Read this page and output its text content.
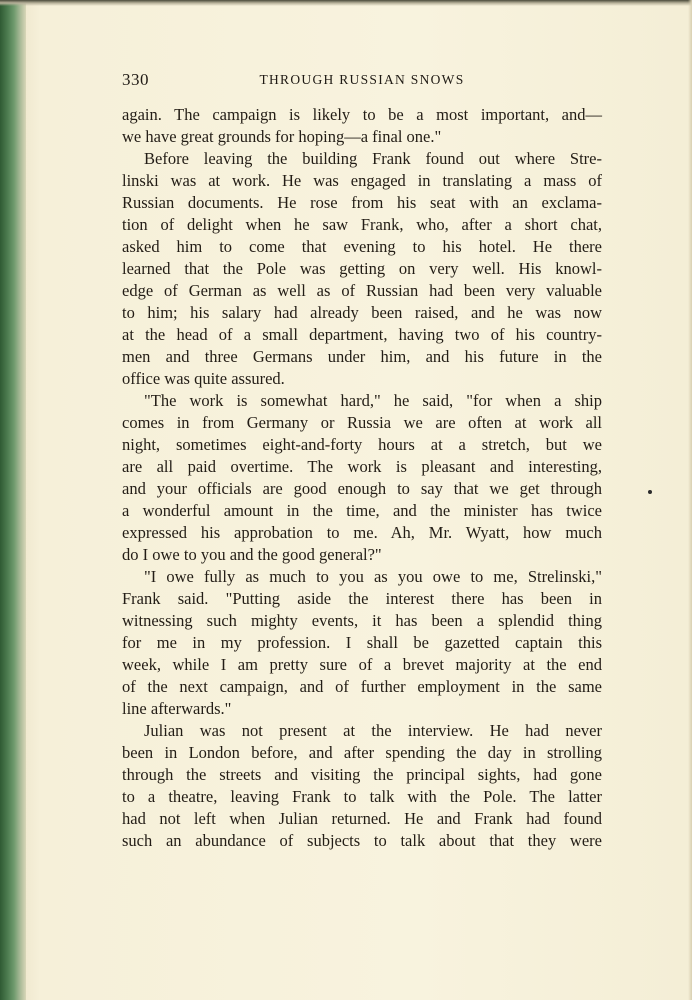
330	THROUGH RUSSIAN SNOWS
again. The campaign is likely to be a most important, and—
we have great grounds for hoping—a final one."
Before leaving the building Frank found out where Stre-
linski was at work. He was engaged in translating a mass of
Russian documents. He rose from his seat with an exclama-
tion of delight when he saw Frank, who, after a short chat,
asked him to come that evening to his hotel. He there
learned that the Pole was getting on very well. His knowl-
edge of German as well as of Russian had been very valuable
to him; his salary had already been raised, and he was now
at the head of a small department, having two of his country-
men and three Germans under him, and his future in the
office was quite assured.
"The work is somewhat hard," he said, "for when a ship
comes in from Germany or Russia we are often at work all
night, sometimes eight-and-forty hours at a stretch, but we
are all paid overtime. The work is pleasant and interesting,
and your officials are good enough to say that we get through
a wonderful amount in the time, and the minister has twice
expressed his approbation to me. Ah, Mr. Wyatt, how much
do I owe to you and the good general?"
"I owe fully as much to you as you owe to me, Strelinski,"
Frank said. "Putting aside the interest there has been in
witnessing such mighty events, it has been a splendid thing
for me in my profession. I shall be gazetted captain this
week, while I am pretty sure of a brevet majority at the end
of the next campaign, and of further employment in the same
line afterwards."
Julian was not present at the interview. He had never
been in London before, and after spending the day in strolling
through the streets and visiting the principal sights, had gone
to a theatre, leaving Frank to talk with the Pole. The latter
had not left when Julian returned. He and Frank had found
such an abundance of subjects to talk about that they were
